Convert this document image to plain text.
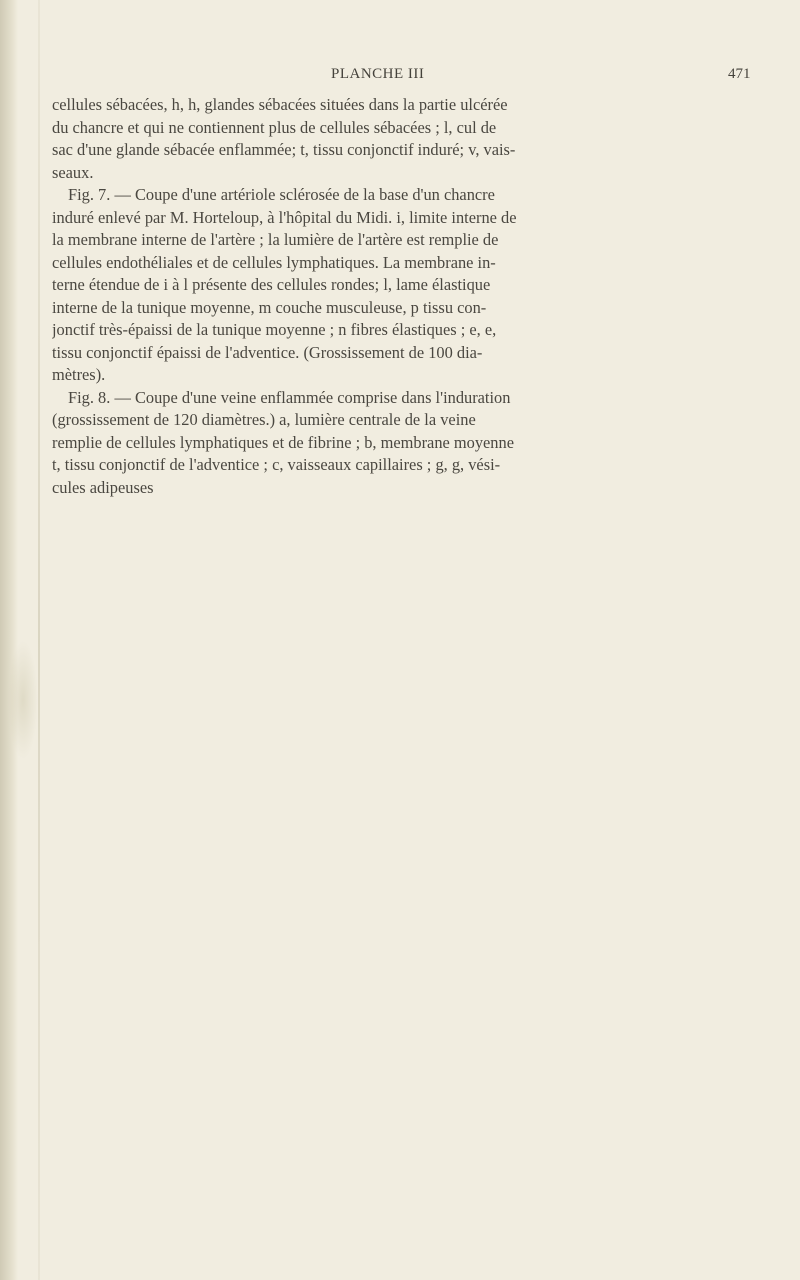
PLANCHE III	471
cellules sébacées, h, h, glandes sébacées situées dans la partie ulcérée
du chancre et qui ne contiennent plus de cellules sébacées ; l, cul de
sac d'une glande sébacée enflammée; t, tissu conjonctif induré; v, vais-
seaux.
Fig. 7. — Coupe d'une artériole sclérosée de la base d'un chancre
induré enlevé par M. Horteloup, à l'hôpital du Midi. i, limite interne de
la membrane interne de l'artère ; la lumière de l'artère est remplie de
cellules endothéliales et de cellules lymphatiques. La membrane in-
terne étendue de i à l présente des cellules rondes; l, lame élastique
interne de la tunique moyenne, m couche musculeuse, p tissu con-
jonctif très-épaissi de la tunique moyenne ; n fibres élastiques ; e, e,
tissu conjonctif épaissi de l'adventice. (Grossissement de 100 dia-
mètres).
Fig. 8. — Coupe d'une veine enflammée comprise dans l'induration
(grossissement de 120 diamètres.) a, lumière centrale de la veine
remplie de cellules lymphatiques et de fibrine ; b, membrane moyenne
t, tissu conjonctif de l'adventice ; c, vaisseaux capillaires ; g, g, vési-
cules adipeuses
